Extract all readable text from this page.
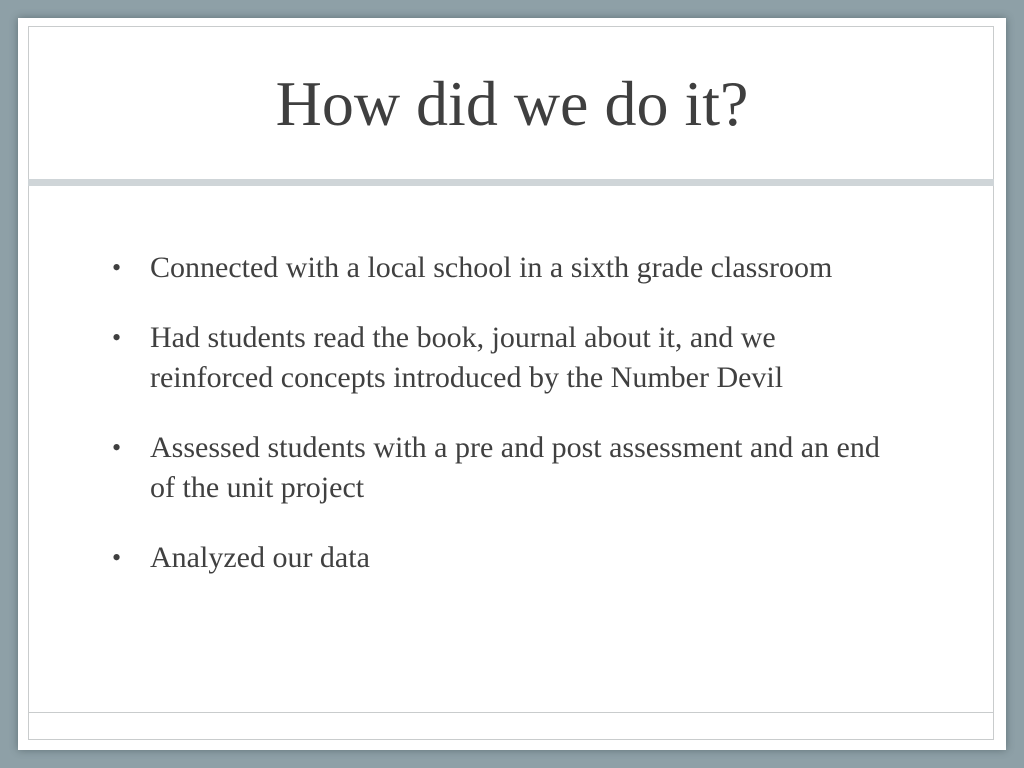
How did we do it?
• Connected with a local school in a sixth grade classroom
• Had students read the book, journal about it, and we reinforced concepts introduced by the Number Devil
• Assessed students with a pre and post assessment and an end of the unit project
• Analyzed our data
